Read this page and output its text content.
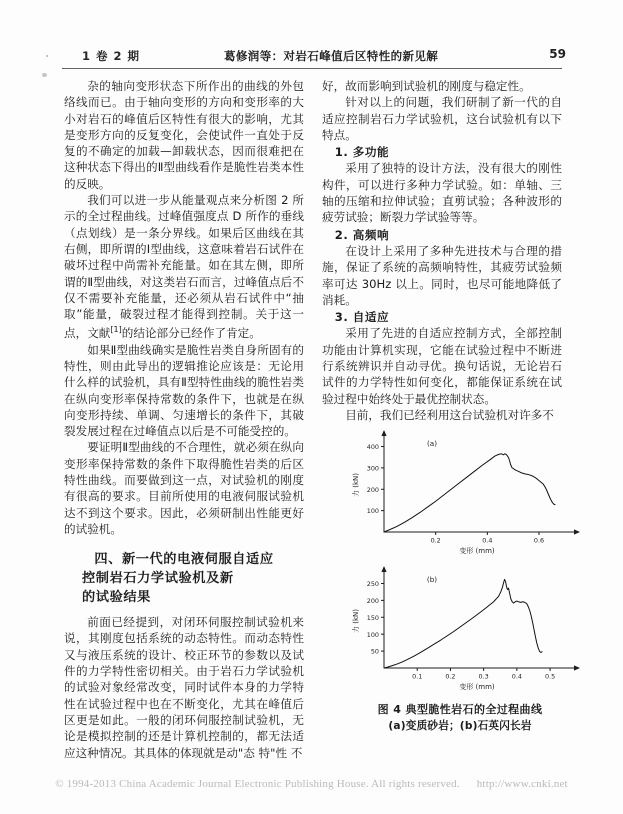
1 卷 2 期	葛修润等：对岩石峰值后区特性的新见解	59

杂的轴向变形状态下所作出的曲线的外包络线而已。由于轴向变形的方向和变形率的大小对岩石的峰值后区特性有很大的影响，尤其是变形方向的反复变化，会使试件一直处于反复的不确定的加载—卸载状态，因而很难把在这种状态下得出的Ⅱ型曲线看作是脆性岩类本性的反映。

我们可以进一步从能量观点来分析图 2 所示的全过程曲线。过峰值强度点 D 所作的垂线（点划线）是一条分界线。如果后区曲线在其右侧，即所谓的Ⅰ型曲线，这意味着岩石试件在破坏过程中尚需补充能量。如在其左侧，即所谓的Ⅱ型曲线，对这类岩石而言，过峰值点后不仅不需要补充能量，还必须从岩石试件中“抽取”能量，破裂过程才能得到控制。关于这一点，文献[1]的结论部分已经作了肯定。

如果Ⅱ型曲线确实是脆性岩类自身所固有的特性，则由此导出的逻辑推论应该是：无论用什么样的试验机，具有Ⅱ型特性曲线的脆性岩类在纵向变形率保持常数的条件下，也就是在纵向变形持续、单调、匀速增长的条件下，其破裂发展过程在过峰值点以后是不可能受控的。

要证明Ⅱ型曲线的不合理性，就必须在纵向变形率保持常数的条件下取得脆性岩类的后区特性曲线。而要做到这一点，对试验机的刚度有很高的要求。目前所使用的电液伺服试验机达不到这个要求。因此，必须研制出性能更好的试验机。

四、新一代的电液伺服自适应
控制岩石力学试验机及新
的试验结果

前面已经提到，对闭环伺服控制试验机来说，其刚度包括系统的动态特性。而动态特性又与液压系统的设计、校正环节的参数以及试件的力学特性密切相关。由于岩石力学试验机的试验对象经常改变，同时试件本身的力学特性在试验过程中也在不断变化，尤其在峰值后区更是如此。一般的闭环伺服控制试验机，无论是模拟控制的还是计算机控制的，都无法适应这种情况。其具体的体现就是动"态 特"性 不

好，故而影响到试验机的刚度与稳定性。

针对以上的问题，我们研制了新一代的自适应控制岩石力学试验机，这台试验机有以下特点。

1. 多功能

采用了独特的设计方法，没有很大的刚性构件，可以进行多种力学试验。如：单轴、三轴的压缩和拉伸试验；直剪试验；各种波形的疲劳试验；断裂力学试验等等。

2. 高频响

在设计上采用了多种先进技术与合理的措施，保证了系统的高频响特性，其疲劳试验频率可达 30Hz 以上。同时，也尽可能地降低了消耗。

3. 自适应

采用了先进的自适应控制方式，全部控制功能由计算机实现，它能在试验过程中不断进行系统辨识并自动寻优。换句话说，无论岩石试件的力学特性如何变化，都能保证系统在试验过程中始终处于最优控制状态。

目前，我们已经利用这台试验机对许多不

100
200
300
400
0.2	0.4	0.6
变形 (mm)
力 (kN)
(a)
50
100
150
200
250
0.1	0.2	0.3	0.4	0.5
变形 (mm)
力 (kN)
(b)
图 4 典型脆性岩石的全过程曲线
(a)变质砂岩；(b)石英闪长岩
© 1994-2013 China Academic Journal Electronic Publishing House. All rights reserved. http://www.cnki.net
